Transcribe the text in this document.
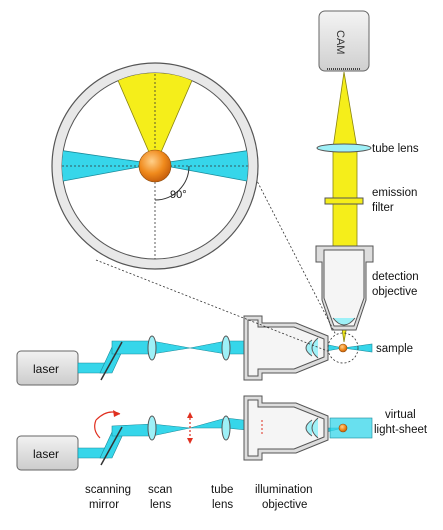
CAM
laser
90°
laser
tube lens
emission
filter
detection
objective
sample
virtual
light-sheet
scanning
mirror
scan
lens
tube
lens
illumination
objective
